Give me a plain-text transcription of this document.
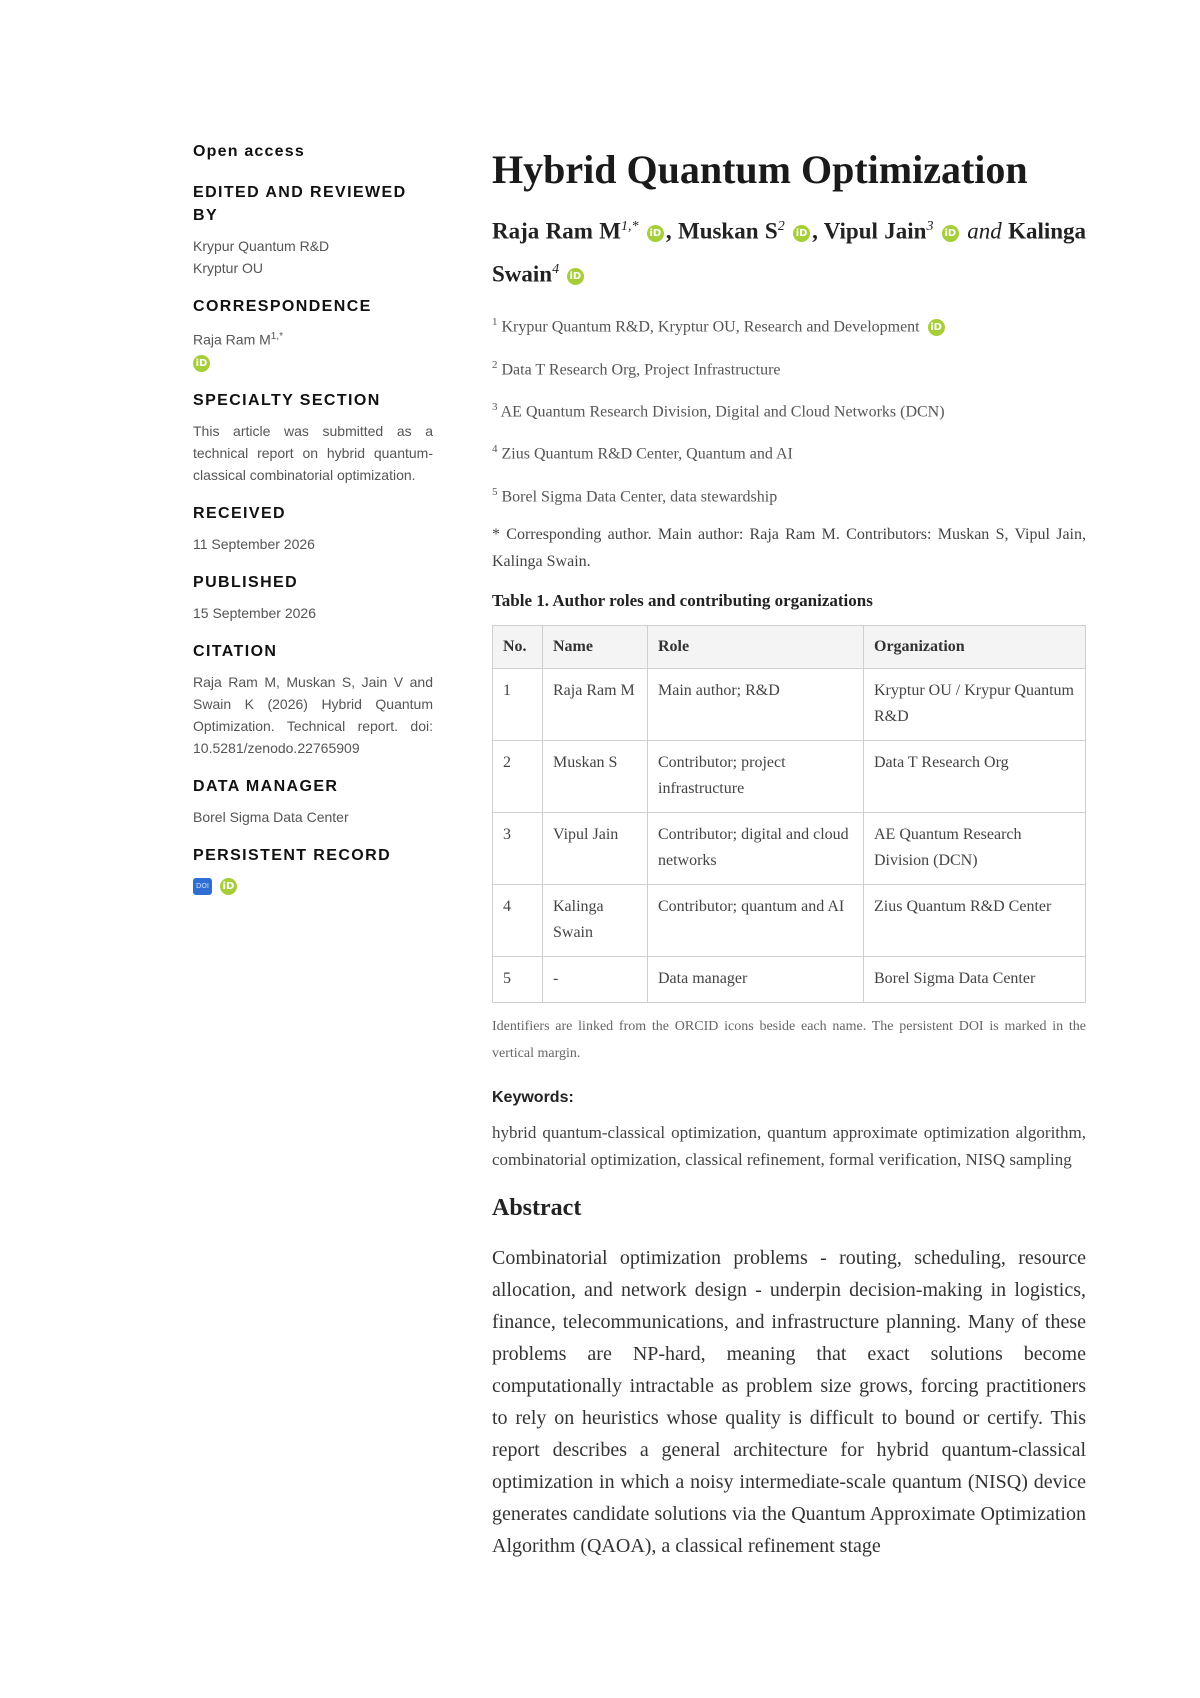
Open access
EDITED AND REVIEWED BY
Krypur Quantum R&D
Kryptur OU
CORRESPONDENCE
Raja Ram $M^{1,*}$
iD
SPECIALTY SECTION
This article was submitted as a technical report on hybrid quantum-classical combinatorial optimization.
RECEIVED
11 September 2026
PUBLISHED
15 September 2026
CITATION
Raja Ram M, Muskan S, Jain V and Swain K (2026) Hybrid Quantum Optimization. Technical report. doi: 10.5281/zenodo.22765909
DATA MANAGER
Borel Sigma Data Center
PERSISTENT RECORD
DOI iD
Hybrid Quantum Optimization
Raja Ram $M^{1,*}$ iD , Muskan $S^2$ iD , Vipul Jain$^3$ iD and Kalinga Swain$^4$ iD
$^1$ Krypur Quantum R&D, Kryptur OU, Research and Development iD
$^2$ Data T Research Org, Project Infrastructure
$^3$ AE Quantum Research Division, Digital and Cloud Networks (DCN)
$^4$ Zius Quantum R&D Center, Quantum and AI
$^5$ Borel Sigma Data Center, data stewardship
* Corresponding author. Main author: Raja Ram M. Contributors: Muskan S, Vipul Jain, Kalinga Swain.
Table 1. Author roles and contributing organizations
No.	Name	Role	Organization
1	Raja Ram M	Main author; R&D	Kryptur OU / Krypur Quantum R&D
2	Muskan S	Contributor; project infrastructure	Data T Research Org
3	Vipul Jain	Contributor; digital and cloud networks	AE Quantum Research Division (DCN)
4	Kalinga Swain	Contributor; quantum and AI	Zius Quantum R&D Center
5	-	Data manager	Borel Sigma Data Center
Identifiers are linked from the ORCID icons beside each name. The persistent DOI is marked in the vertical margin.
Keywords:
hybrid quantum-classical optimization, quantum approximate optimization algorithm, combinatorial optimization, classical refinement, formal verification, NISQ sampling
Abstract
Combinatorial optimization problems - routing, scheduling, resource allocation, and network design - underpin decision-making in logistics, finance, telecommunications, and infrastructure planning. Many of these problems are NP-hard, meaning that exact solutions become computationally intractable as problem size grows, forcing practitioners to rely on heuristics whose quality is difficult to bound or certify. This report describes a general architecture for hybrid quantum-classical optimization in which a noisy intermediate-scale quantum (NISQ) device generates candidate solutions via the Quantum Approximate Optimization Algorithm (QAOA), a classical refinement stage
